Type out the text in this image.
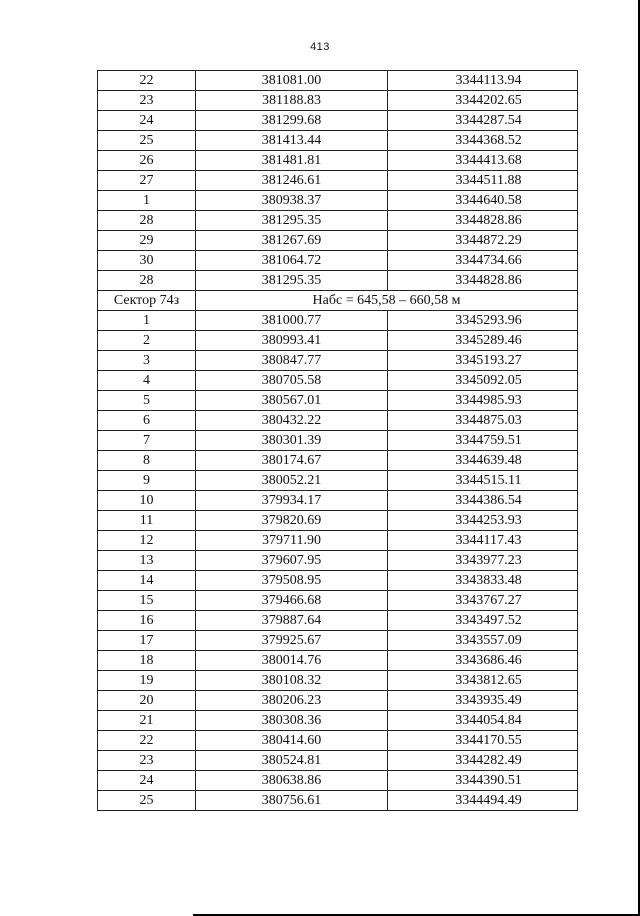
413
22	381081.00	3344113.94
23	381188.83	3344202.65
24	381299.68	3344287.54
25	381413.44	3344368.52
26	381481.81	3344413.68
27	381246.61	3344511.88
1	380938.37	3344640.58
28	381295.35	3344828.86
29	381267.69	3344872.29
30	381064.72	3344734.66
28	381295.35	3344828.86
Сектор 74з	Набс = 645,58 – 660,58 м	
1	381000.77	3345293.96
2	380993.41	3345289.46
3	380847.77	3345193.27
4	380705.58	3345092.05
5	380567.01	3344985.93
6	380432.22	3344875.03
7	380301.39	3344759.51
8	380174.67	3344639.48
9	380052.21	3344515.11
10	379934.17	3344386.54
11	379820.69	3344253.93
12	379711.90	3344117.43
13	379607.95	3343977.23
14	379508.95	3343833.48
15	379466.68	3343767.27
16	379887.64	3343497.52
17	379925.67	3343557.09
18	380014.76	3343686.46
19	380108.32	3343812.65
20	380206.23	3343935.49
21	380308.36	3344054.84
22	380414.60	3344170.55
23	380524.81	3344282.49
24	380638.86	3344390.51
25	380756.61	3344494.49
